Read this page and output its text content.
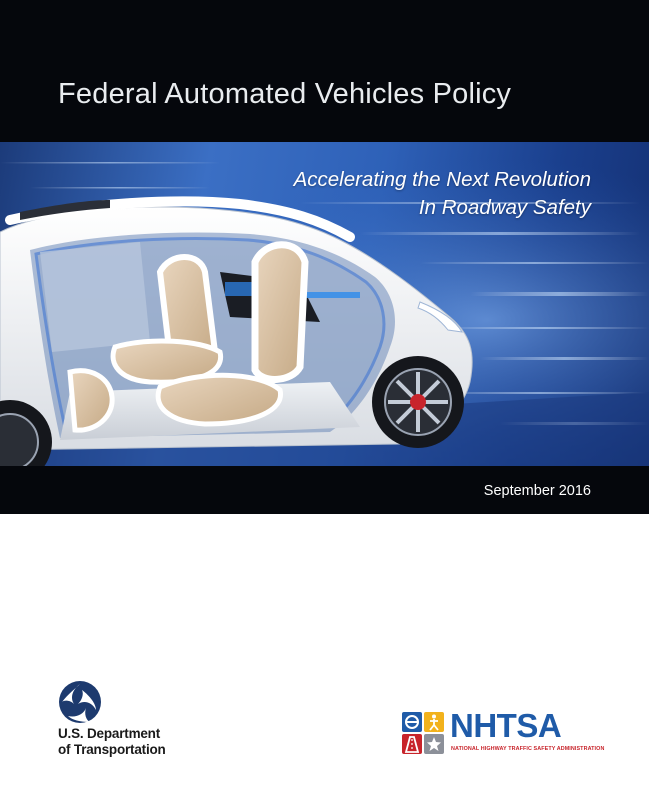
Federal Automated Vehicles Policy
Accelerating the Next Revolution
In Roadway Safety
September 2016
U.S. Department
of Transportation
NHTSA
NATIONAL HIGHWAY TRAFFIC SAFETY ADMINISTRATION
